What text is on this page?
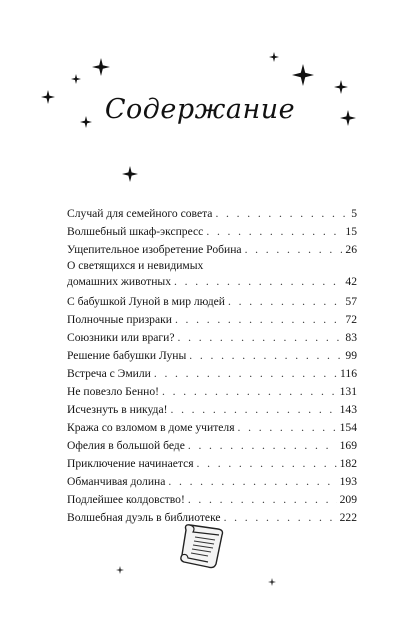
Содержание
Случай для семейного совета . . .	5
Волшебный шкаф-экспресс . . .	15
Ущепительное изобретение Робина . . .	26
О светящихся и невидимых
домашних животных . . .	42
С бабушкой Луной в мир людей . . .	57
Полночные призраки . . .	72
Союзники или враги? . . .	83
Решение бабушки Луны . . .	99
Встреча с Эмили . . .	116
Не повезло Бенно! . . .	131
Исчезнуть в никуда! . . .	143
Кража со взломом в доме учителя . . .	154
Офелия в большой беде . . .	169
Приключение начинается . . .	182
Обманчивая долина . . .	193
Подлейшее колдовство! . . .	209
Волшебная дуэль в библиотеке . . .	222
